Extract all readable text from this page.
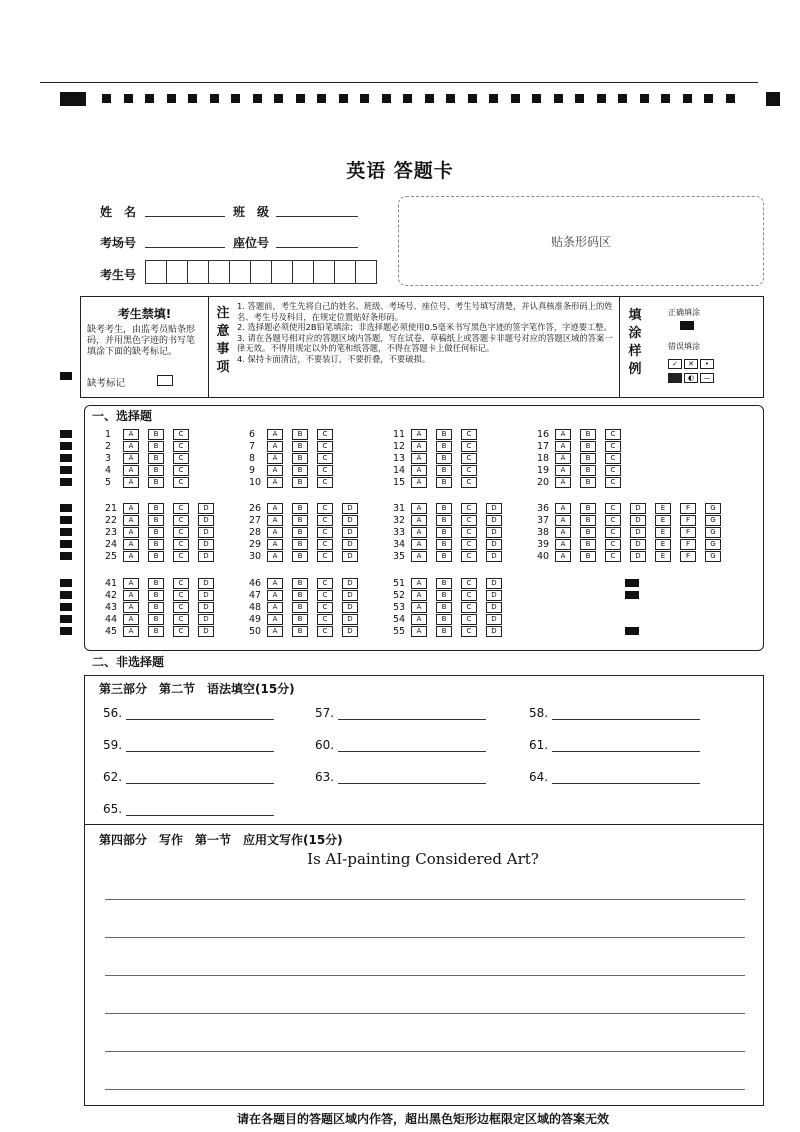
英语 答题卡
姓　名	班　级
考场号	座位号
考生号
贴条形码区
考生禁填!
缺考考生，由监考员贴条形码，并用黑色字迹的书写笔填涂下面的缺考标记。
缺考标记
注意事项
1. 答题前，考生先将自己的姓名、班级、考场号、座位号、考生号填写清楚，并认真核准条形码上的姓名、考生号及科目，在规定位置贴好条形码。
2. 选择题必须使用2B铅笔填涂；非选择题必须使用0.5毫米书写黑色字迹的签字笔作答，字迹要工整。
3. 请在各题号相对应的答题区域内答题，写在试卷、草稿纸上或答题卡非题号对应的答题区域的答案一律无效。不得用规定以外的笔和纸答题，不得在答题卡上做任何标记。
4. 保持卡面清洁，不要装订，不要折叠，不要破损。
填涂样例
正确填涂
错误填涂
✓	✕	•
◐	—
一、选择题
1	A	B	C
2	A	B	C
3	A	B	C
4	A	B	C
5	A	B	C
6	A	B	C
7	A	B	C
8	A	B	C
9	A	B	C
10	A	B	C
11	A	B	C
12	A	B	C
13	A	B	C
14	A	B	C
15	A	B	C
16	A	B	C
17	A	B	C
18	A	B	C
19	A	B	C
20	A	B	C
21	A	B	C	D
22	A	B	C	D
23	A	B	C	D
24	A	B	C	D
25	A	B	C	D
26	A	B	C	D
27	A	B	C	D
28	A	B	C	D
29	A	B	C	D
30	A	B	C	D
31	A	B	C	D
32	A	B	C	D
33	A	B	C	D
34	A	B	C	D
35	A	B	C	D
36	A	B	C	D	E	F	G
37	A	B	C	D	E	F	G
38	A	B	C	D	E	F	G
39	A	B	C	D	E	F	G
40	A	B	C	D	E	F	G
41	A	B	C	D
42	A	B	C	D
43	A	B	C	D
44	A	B	C	D
45	A	B	C	D
46	A	B	C	D
47	A	B	C	D
48	A	B	C	D
49	A	B	C	D
50	A	B	C	D
51	A	B	C	D
52	A	B	C	D
53	A	B	C	D
54	A	B	C	D
55	A	B	C	D
二、非选择题
第三部分　第二节　语法填空(15分)
56.	57.	58.
59.	60.	61.
62.	63.	64.
65.
第四部分　写作　第一节　应用文写作(15分)
Is AI-painting Considered Art?
请在各题目的答题区域内作答，超出黑色矩形边框限定区域的答案无效
